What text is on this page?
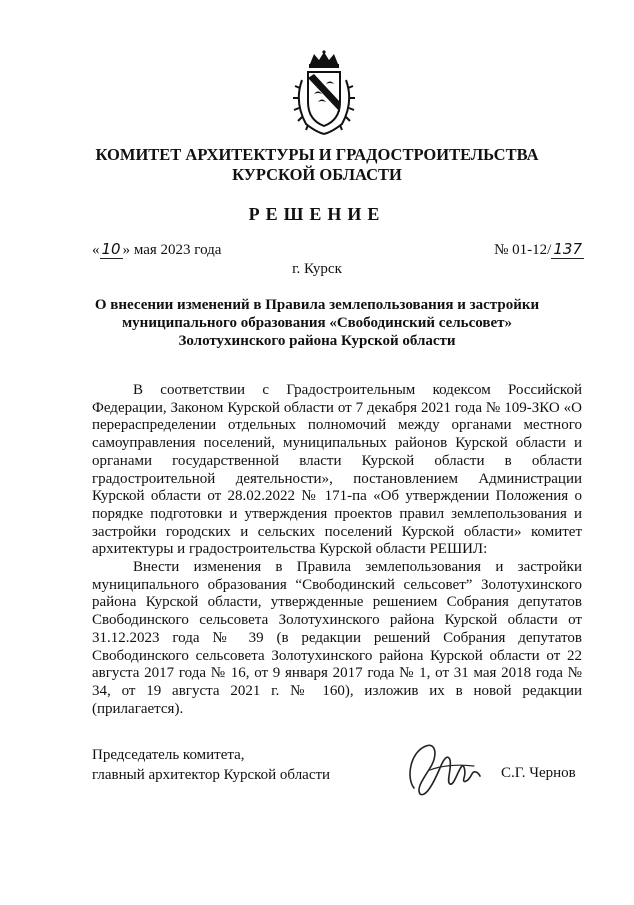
КОМИТЕТ АРХИТЕКТУРЫ И ГРАДОСТРОИТЕЛЬСТВА
КУРСКОЙ ОБЛАСТИ
РЕШЕНИЕ
« 10 » мая 2023 года	№ 01-12/ 137
г. Курск
О внесении изменений в Правила землепользования и застройки
муниципального образования «Свободинский сельсовет»
Золотухинского района Курской области

В соответствии с Градостроительным кодексом Российской Федерации, Законом Курской области от 7 декабря 2021 года № 109-ЗКО «О перераспределении отдельных полномочий между органами местного самоуправления поселений, муниципальных районов Курской области и органами государственной власти Курской области в области градостроительной деятельности», постановлением Администрации Курской области от 28.02.2022 № 171-па «Об утверждении Положения о порядке подготовки и утверждения проектов правил землепользования и застройки городских и сельских поселений Курской области» комитет архитектуры и градостроительства Курской области РЕШИЛ:

Внести изменения в Правила землепользования и застройки муниципального образования “Свободинский сельсовет” Золотухинского района Курской области, утвержденные решением Собрания депутатов Свободинского сельсовета Золотухинского района Курской области от 31.12.2023 года № 39 (в редакции решений Собрания депутатов Свободинского сельсовета Золотухинского района Курской области от 22 августа 2017 года № 16, от 9 января 2017 года № 1, от 31 мая 2018 года № 34, от 19 августа 2021 г. № 160), изложив их в новой редакции (прилагается).

Председатель комитета,
главный архитектор Курской области	С.Г. Чернов
